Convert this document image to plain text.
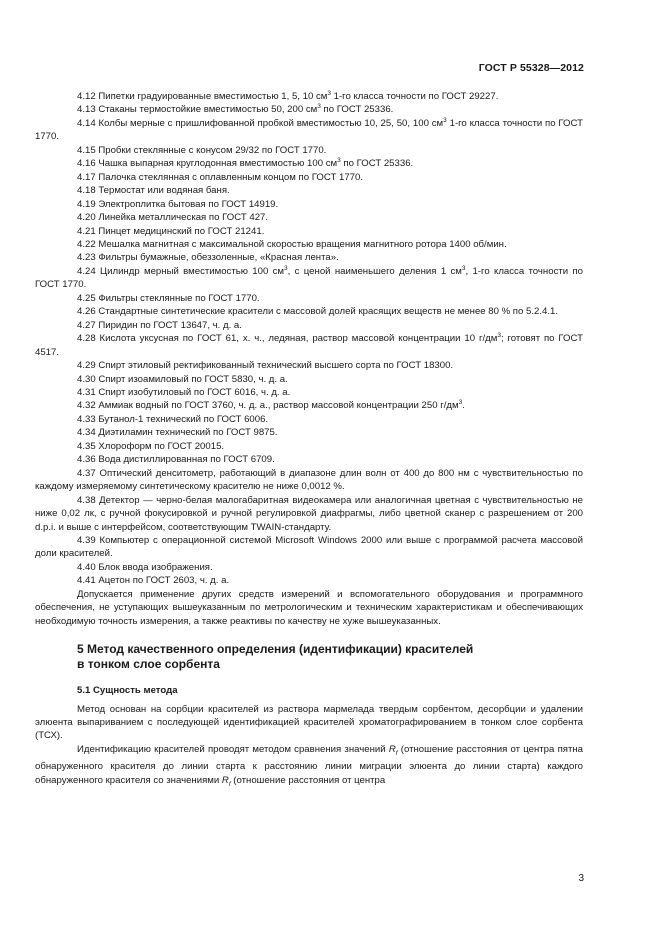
ГОСТ Р 55328—2012

4.12 Пипетки градуированные вместимостью 1, 5, 10 $см^3$ 1-го класса точности по ГОСТ 29227.

4.13 Стаканы термостойкие вместимостью 50, 200 $см^3$ по ГОСТ 25336.

4.14 Колбы мерные с пришлифованной пробкой вместимостью 10, 25, 50, 100 $см^3$ 1-го класса точности по ГОСТ 1770.

4.15 Пробки стеклянные с конусом 29/32 по ГОСТ 1770.

4.16 Чашка выпарная круглодонная вместимостью 100 $см^3$ по ГОСТ 25336.

4.17 Палочка стеклянная с оплавленным концом по ГОСТ 1770.

4.18 Термостат или водяная баня.

4.19 Электроплитка бытовая по ГОСТ 14919.

4.20 Линейка металлическая по ГОСТ 427.

4.21 Пинцет медицинский по ГОСТ 21241.

4.22 Мешалка магнитная с максимальной скоростью вращения магнитного ротора 1400 об/мин.

4.23 Фильтры бумажные, обеззоленные, «Красная лента».

4.24 Цилиндр мерный вместимостью 100 $см^3$, с ценой наименьшего деления 1 $см^3$, 1-го класса точности по ГОСТ 1770.

4.25 Фильтры стеклянные по ГОСТ 1770.

4.26 Стандартные синтетические красители с массовой долей красящих веществ не менее 80 % по 5.2.4.1.

4.27 Пиридин по ГОСТ 13647, ч. д. а.

4.28 Кислота уксусная по ГОСТ 61, х. ч., ледяная, раствор массовой концентрации 10 $г/дм^3$; готовят по ГОСТ 4517.

4.29 Спирт этиловый ректификованный технический высшего сорта по ГОСТ 18300.

4.30 Спирт изоамиловый по ГОСТ 5830, ч. д. а.

4.31 Спирт изобутиловый по ГОСТ 6016, ч. д. а.

4.32 Аммиак водный по ГОСТ 3760, ч. д. а., раствор массовой концентрации 250 $г/дм^3$.

4.33 Бутанол-1 технический по ГОСТ 6006.

4.34 Диэтиламин технический по ГОСТ 9875.

4.35 Хлороформ по ГОСТ 20015.

4.36 Вода дистиллированная по ГОСТ 6709.

4.37 Оптический денситометр, работающий в диапазоне длин волн от 400 до 800 нм с чувствительностью по каждому измеряемому синтетическому красителю не ниже 0,0012 %.

4.38 Детектор — черно-белая малогабаритная видеокамера или аналогичная цветная с чувствительностью не ниже 0,02 лк, с ручной фокусировкой и ручной регулировкой диафрагмы, либо цветной сканер с разрешением от 200 d.p.i. и выше с интерфейсом, соответствующим TWAIN-стандарту.

4.39 Компьютер с операционной системой Microsoft Windows 2000 или выше с программой расчета массовой доли красителей.

4.40 Блок ввода изображения.

4.41 Ацетон по ГОСТ 2603, ч. д. а.

Допускается применение других средств измерений и вспомогательного оборудования и программного обеспечения, не уступающих вышеуказанным по метрологическим и техническим характеристикам и обеспечивающих необходимую точность измерения, а также реактивы по качеству не хуже вышеуказанных.

5 Метод качественного определения (идентификации) красителей
в тонком слое сорбента
5.1 Сущность метода

Метод основан на сорбции красителей из раствора мармелада твердым сорбентом, десорбции и удалении элюента выпариванием с последующей идентификацией красителей хроматографированием в тонком слое сорбента (ТСХ).

Идентификацию красителей проводят методом сравнения значений $R_f$ (отношение расстояния от центра пятна обнаруженного красителя до линии старта к расстоянию линии миграции элюента до линии старта) каждого обнаруженного красителя со значениями $R_f$ (отношение расстояния от центра

3
